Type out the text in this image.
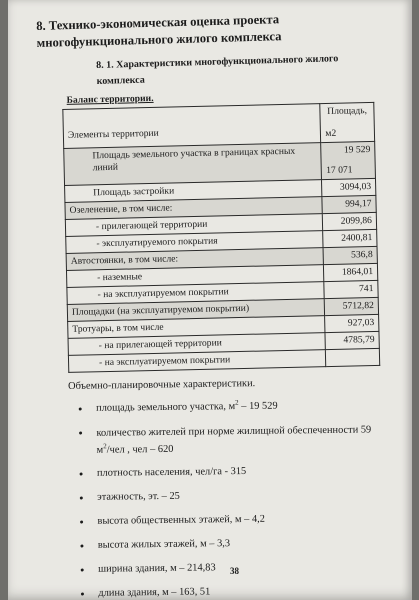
8. Технико-экономическая оценка проекта многофункционального жилого комплекса
8. 1. Характеристики многофункционального жилого комплекса
Баланс территории.	
Элементы территории	Площадь,
м2

Площадь земельного участка в границах красных линий	19 529
17 071

Площадь застройки	3094,03
Озеленение, в том числе:	994,17
- прилегающей территории	2099,86
- эксплуатируемого покрытия	2400,81
Автостоянки, в том числе:	536,8
- наземные	1864,01
- на эксплуатируемом покрытии	741
Площадки (на эксплуатируемом покрытии)	5712,82
Тротуары, в том числе	927,03
- на прилегающей территории	4785,79
- на эксплуатируемом покрытии	
Объемно-планировочные характеристики.
● площадь земельного участка, $м^2 - 19$ 529
● количество жителей при норме жилищной обеспеченности 59 $м^2$/чел , чел – 620
● плотность населения, чел/га - 315
● этажность, эт. – 25
● высота общественных этажей, м – 4,2
● высота жилых этажей, м – 3,3
● ширина здания, м – 214,83
● длина здания, м – 163, 51
38
